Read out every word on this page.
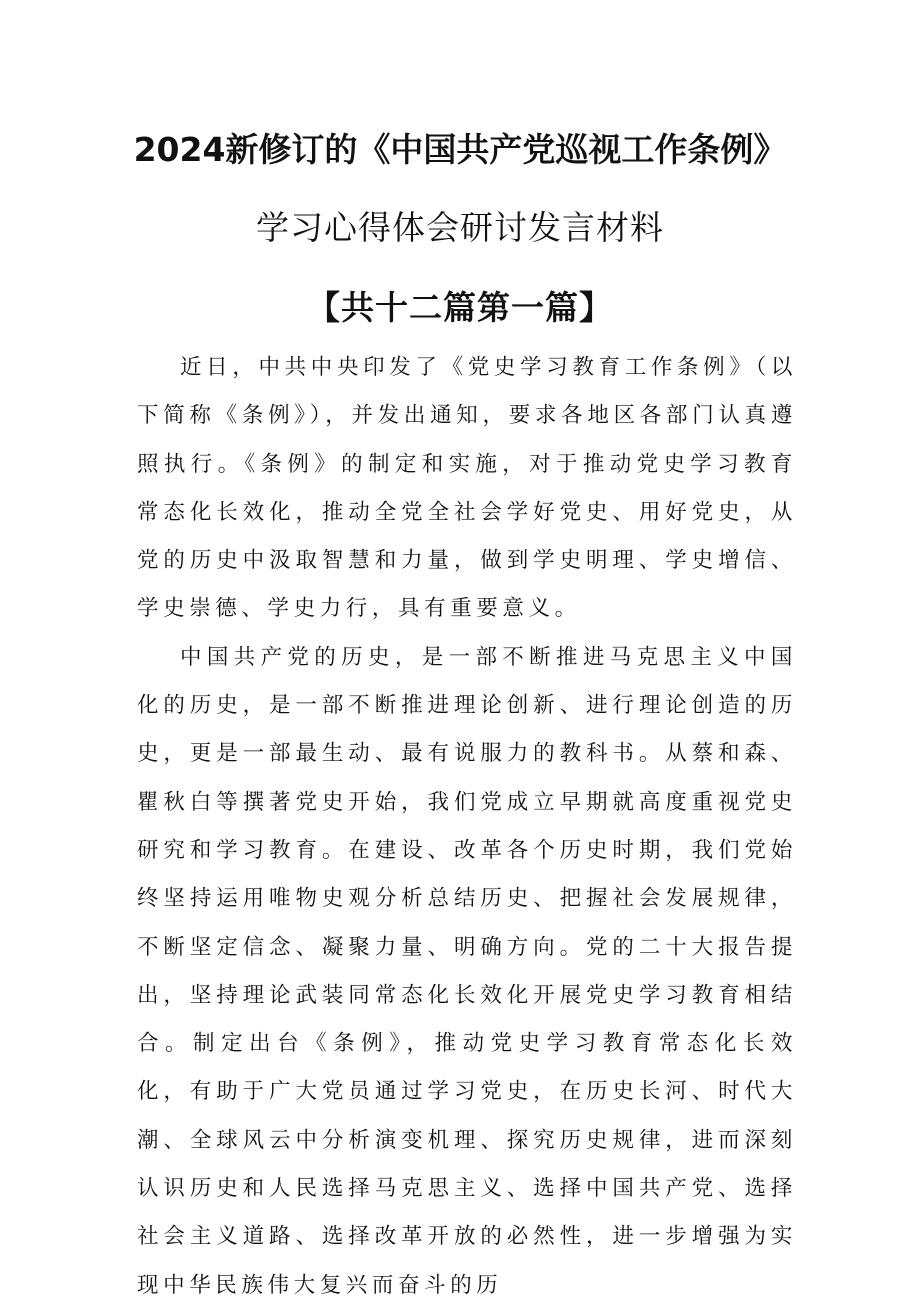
2024新修订的《中国共产党巡视工作条例》
学习心得体会研讨发言材料
【共十二篇第一篇】

近日，中共中央印发了《党史学习教育工作条例》（以下简称《条例》），并发出通知，要求各地区各部门认真遵照执行。《条例》的制定和实施，对于推动党史学习教育常态化长效化，推动全党全社会学好党史、用好党史，从党的历史中汲取智慧和力量，做到学史明理、学史增信、学史崇德、学史力行，具有重要意义。

中国共产党的历史，是一部不断推进马克思主义中国化的历史，是一部不断推进理论创新、进行理论创造的历史，更是一部最生动、最有说服力的教科书。从蔡和森、瞿秋白等撰著党史开始，我们党成立早期就高度重视党史研究和学习教育。在建设、改革各个历史时期，我们党始终坚持运用唯物史观分析总结历史、把握社会发展规律，不断坚定信念、凝聚力量、明确方向。党的二十大报告提出，坚持理论武装同常态化长效化开展党史学习教育相结合。制定出台《条例》，推动党史学习教育常态化长效化，有助于广大党员通过学习党史，在历史长河、时代大潮、全球风云中分析演变机理、探究历史规律，进而深刻认识历史和人民选择马克思主义、选择中国共产党、选择社会主义道路、选择改革开放的必然性，进一步增强为实现中华民族伟大复兴而奋斗的历
